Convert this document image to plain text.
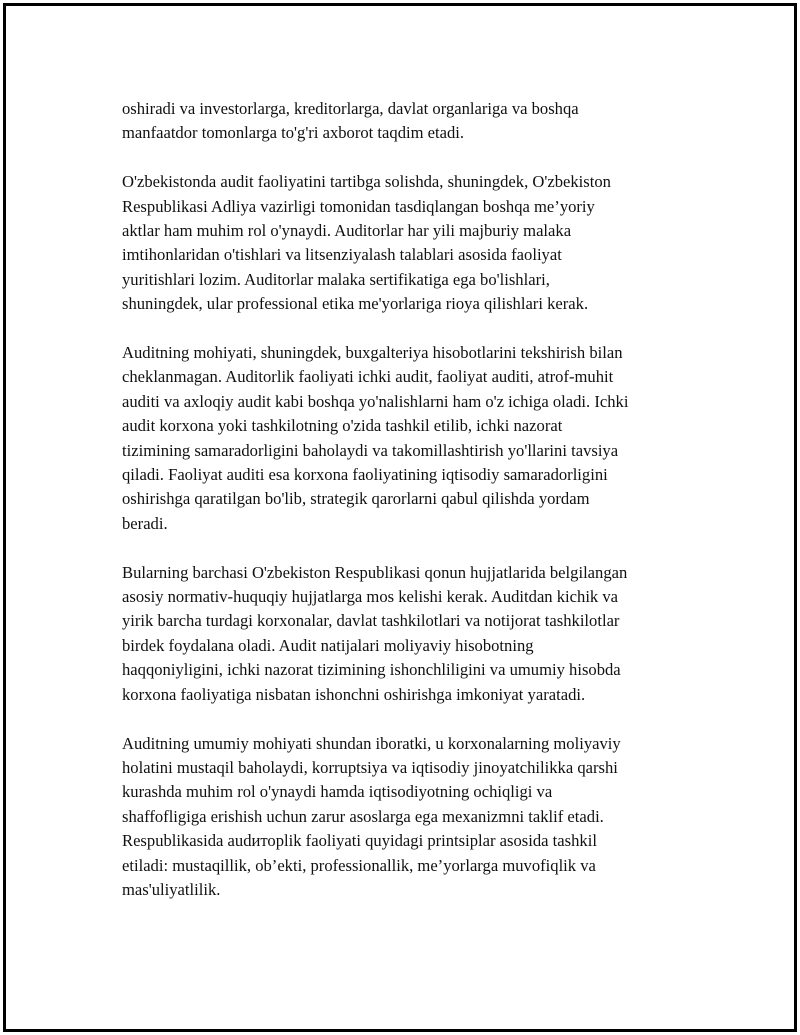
oshiradi va investorlarga, kreditorlarga, davlat organlariga va boshqa
manfaatdor tomonlarga to'g'ri axborot taqdim etadi.

O'zbekistonda audit faoliyatini tartibga solishda, shuningdek, O'zbekiston
Respublikasi Adliya vazirligi tomonidan tasdiqlangan boshqa me’yoriy
aktlar ham muhim rol o'ynaydi. Auditorlar har yili majburiy malaka
imtihonlaridan o'tishlari va litsenziyalash talablari asosida faoliyat
yuritishlari lozim. Auditorlar malaka sertifikatiga ega bo'lishlari,
shuningdek, ular professional etika me'yorlariga rioya qilishlari kerak.

Auditning mohiyati, shuningdek, buxgalteriya hisobotlarini tekshirish bilan
cheklanmagan. Auditorlik faoliyati ichki audit, faoliyat auditi, atrof-muhit
auditi va axloqiy audit kabi boshqa yo'nalishlarni ham o'z ichiga oladi. Ichki
audit korxona yoki tashkilotning o'zida tashkil etilib, ichki nazorat
tizimining samaradorligini baholaydi va takomillashtirish yo'llarini tavsiya
qiladi. Faoliyat auditi esa korxona faoliyatining iqtisodiy samaradorligini
oshirishga qaratilgan bo'lib, strategik qarorlarni qabul qilishda yordam
beradi.

Bularning barchasi O'zbekiston Respublikasi qonun hujjatlarida belgilangan
asosiy normativ-huquqiy hujjatlarga mos kelishi kerak. Auditdan kichik va
yirik barcha turdagi korxonalar, davlat tashkilotlari va notijorat tashkilotlar
birdek foydalana oladi. Audit natijalari moliyaviy hisobotning
haqqoniyligini, ichki nazorat tizimining ishonchliligini va umumiy hisobda
korxona faoliyatiga nisbatan ishonchni oshirishga imkoniyat yaratadi.

Auditning umumiy mohiyati shundan iboratki, u korxonalarning moliyaviy
holatini mustaqil baholaydi, korruptsiya va iqtisodiy jinoyatchilikka qarshi
kurashda muhim rol o'ynaydi hamda iqtisodiyotning ochiqligi va
shaffofligiga erishish uchun zarur asoslarga ega mexanizmni taklif etadi.
Respublikasida audиторlik faoliyati quyidagi printsiplar asosida tashkil
etiladi: mustaqillik, ob’ekti, professionallik, me’yorlarga muvofiqlik va
mas'uliyatlilik.
